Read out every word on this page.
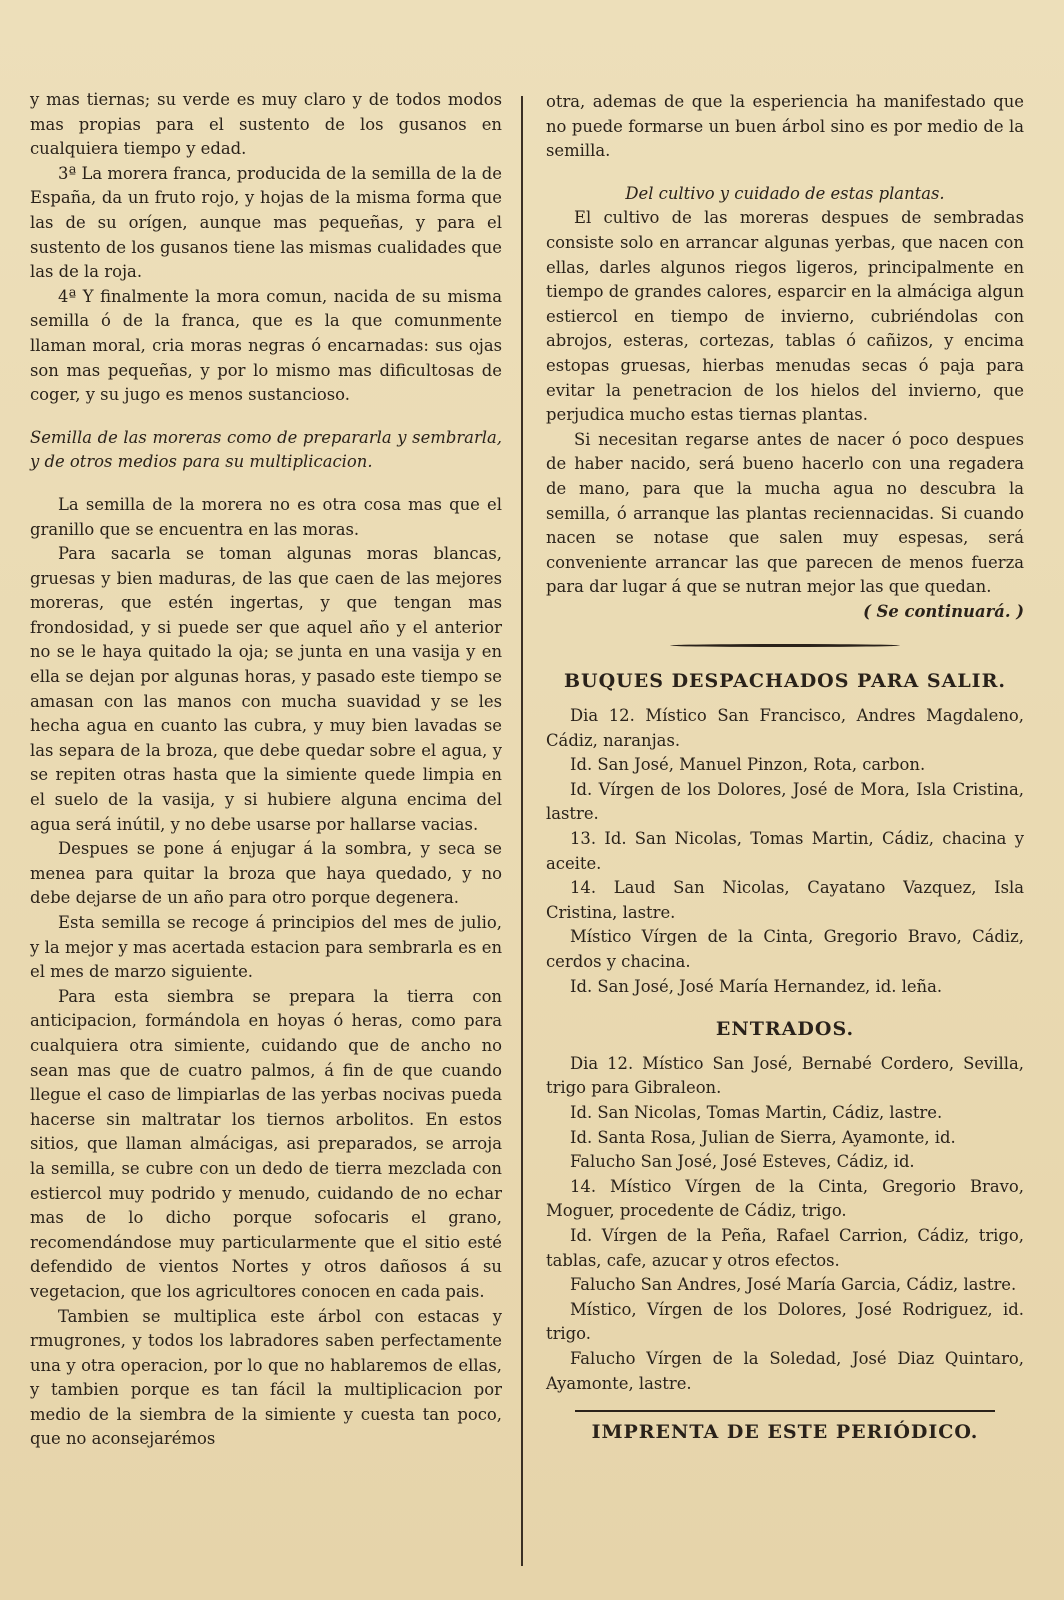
y mas tiernas; su verde es muy claro y de todos modos mas propias para el sustento de los gusanos en cualquiera tiempo y edad.

3ª La morera franca, producida de la semilla de la de España, da un fruto rojo, y hojas de la misma forma que las de su orígen, aunque mas pequeñas, y para el sustento de los gusanos tiene las mismas cualidades que las de la roja.

4ª Y finalmente la mora comun, nacida de su misma semilla ó de la franca, que es la que comunmente llaman moral, cria moras negras ó encarnadas: sus ojas son mas pequeñas, y por lo mismo mas dificultosas de coger, y su jugo es menos sustancioso.

Semilla de las moreras como de prepararla y sembrarla, y de otros medios para su multiplicacion.

La semilla de la morera no es otra cosa mas que el granillo que se encuentra en las moras.

Para sacarla se toman algunas moras blancas, gruesas y bien maduras, de las que caen de las mejores moreras, que estén ingertas, y que tengan mas frondosidad, y si puede ser que aquel año y el anterior no se le haya quitado la oja; se junta en una vasija y en ella se dejan por algunas horas, y pasado este tiempo se amasan con las manos con mucha suavidad y se les hecha agua en cuanto las cubra, y muy bien lavadas se las separa de la broza, que debe quedar sobre el agua, y se repiten otras hasta que la simiente quede limpia en el suelo de la vasija, y si hubiere alguna encima del agua será inútil, y no debe usarse por hallarse vacias.

Despues se pone á enjugar á la sombra, y seca se menea para quitar la broza que haya quedado, y no debe dejarse de un año para otro porque degenera.

Esta semilla se recoge á principios del mes de julio, y la mejor y mas acertada estacion para sembrarla es en el mes de marzo siguiente.

Para esta siembra se prepara la tierra con anticipacion, formándola en hoyas ó heras, como para cualquiera otra simiente, cuidando que de ancho no sean mas que de cuatro palmos, á fin de que cuando llegue el caso de limpiarlas de las yerbas nocivas pueda hacerse sin maltratar los tiernos arbolitos. En estos sitios, que llaman almácigas, asi preparados, se arroja la semilla, se cubre con un dedo de tierra mezclada con estiercol muy podrido y menudo, cuidando de no echar mas de lo dicho porque sofocaris el grano, recomendándose muy particularmente que el sitio esté defendido de vientos Nortes y otros dañosos á su vegetacion, que los agricultores conocen en cada pais.

Tambien se multiplica este árbol con estacas y rmugrones, y todos los labradores saben perfectamente una y otra operacion, por lo que no hablaremos de ellas, y tambien porque es tan fácil la multiplicacion por medio de la siembra de la simiente y cuesta tan poco, que no aconsejarémos

otra, ademas de que la esperiencia ha manifestado que no puede formarse un buen árbol sino es por medio de la semilla.

Del cultivo y cuidado de estas plantas.

El cultivo de las moreras despues de sembradas consiste solo en arrancar algunas yerbas, que nacen con ellas, darles algunos riegos ligeros, principalmente en tiempo de grandes calores, esparcir en la almáciga algun estiercol en tiempo de invierno, cubriéndolas con abrojos, esteras, cortezas, tablas ó cañizos, y encima estopas gruesas, hierbas menudas secas ó paja para evitar la penetracion de los hielos del invierno, que perjudica mucho estas tiernas plantas.

Si necesitan regarse antes de nacer ó poco despues de haber nacido, será bueno hacerlo con una regadera de mano, para que la mucha agua no descubra la semilla, ó arranque las plantas reciennacidas. Si cuando nacen se notase que salen muy espesas, será conveniente arrancar las que parecen de menos fuerza para dar lugar á que se nutran mejor las que quedan.

( Se continuará. )

BUQUES DESPACHADOS PARA SALIR.

Dia 12. Místico San Francisco, Andres Magdaleno, Cádiz, naranjas.

Id. San José, Manuel Pinzon, Rota, carbon.

Id. Vírgen de los Dolores, José de Mora, Isla Cristina, lastre.

13. Id. San Nicolas, Tomas Martin, Cádiz, chacina y aceite.

14. Laud San Nicolas, Cayatano Vazquez, Isla Cristina, lastre.

Místico Vírgen de la Cinta, Gregorio Bravo, Cádiz, cerdos y chacina.

Id. San José, José María Hernandez, id. leña.

ENTRADOS.

Dia 12. Místico San José, Bernabé Cordero, Sevilla, trigo para Gibraleon.

Id. San Nicolas, Tomas Martin, Cádiz, lastre.

Id. Santa Rosa, Julian de Sierra, Ayamonte, id.

Falucho San José, José Esteves, Cádiz, id.

14. Místico Vírgen de la Cinta, Gregorio Bravo, Moguer, procedente de Cádiz, trigo.

Id. Vírgen de la Peña, Rafael Carrion, Cádiz, trigo, tablas, cafe, azucar y otros efectos.

Falucho San Andres, José María Garcia, Cádiz, lastre.

Místico, Vírgen de los Dolores, José Rodriguez, id. trigo.

Falucho Vírgen de la Soledad, José Diaz Quintaro, Ayamonte, lastre.

IMPRENTA DE ESTE PERIÓDICO.
